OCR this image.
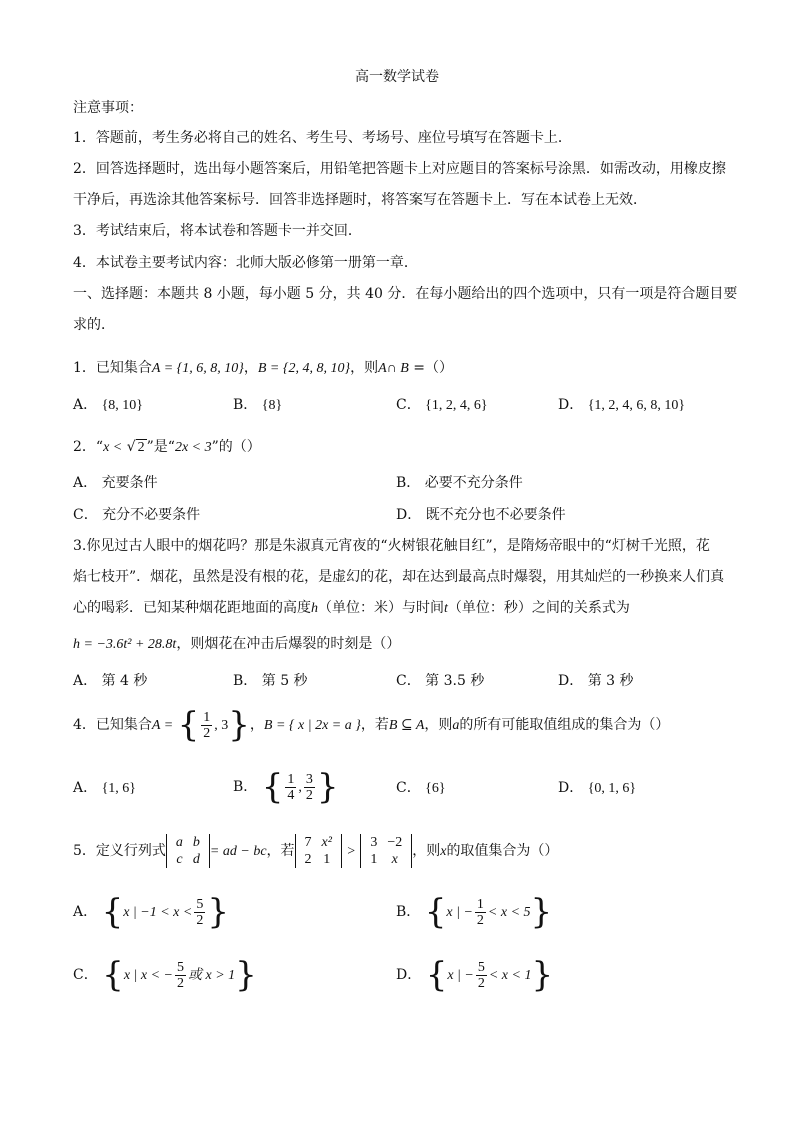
高一数学试卷
注意事项：
1．答题前，考生务必将自己的姓名、考生号、考场号、座位号填写在答题卡上．
2．回答选择题时，选出每小题答案后，用铅笔把答题卡上对应题目的答案标号涂黑．如需改动，用橡皮擦
干净后，再选涂其他答案标号．回答非选择题时，将答案写在答题卡上．写在本试卷上无效．
3．考试结束后，将本试卷和答题卡一并交回．
4．本试卷主要考试内容：北师大版必修第一册第一章．
一、选择题：本题共 8 小题，每小题 5 分，共 40 分．在每小题给出的四个选项中，只有一项是符合题目要
求的．
1．已知集合A = {1, 6, 8, 10}，B = {2, 4, 8, 10}，则A∩ B =（）
A． {8, 10}	B． {8}	C． {1, 2, 4, 6}	D． {1, 2, 4, 6, 8, 10}
2．“x < √ 2 ”是“2x < 3”的（）
A． 充要条件	B． 必要不充分条件
C． 充分不必要条件	D． 既不充分也不必要条件
3.你见过古人眼中的烟花吗？那是朱淑真元宵夜的“火树银花触目红”，是隋炀帝眼中的“灯树千光照，花
焰七枝开”．烟花，虽然是没有根的花，是虚幻的花，却在达到最高点时爆裂，用其灿烂的一秒换来人们真
心的喝彩．已知某种烟花距地面的高度h（单位：米）与时间t（单位：秒）之间的关系式为
h = −3.6t² + 28.8t，则烟花在冲击后爆裂的时刻是（）
A． 第 4 秒	B． 第 5 秒	C． 第 3.5 秒	D． 第 3 秒
4．已知集合A = { $\frac{1}{2}$ , 3}，B = { x | 2x = a }，若B ⊆ A，则a的所有可能取值组成的集合为（）
A． {1, 6}	B． { $\frac{1}{4}$ , $\frac{3}{2}$ }	C． {6}	D． {0, 1, 6}
5．定义行列式
a	b
c	d
= ad − bc，若
7	x²
2	1
>
3	−2
1	x
，则x的取值集合为（）
A． {x | $-1 < x < \frac{5}{2}$ }	B． {x | − $\frac{1}{2} < x < 5$}
C． {x | x < − $\frac{5}{2}$ 或 x > 1}	D． {x | − $\frac{5}{2} < x < 1$}
